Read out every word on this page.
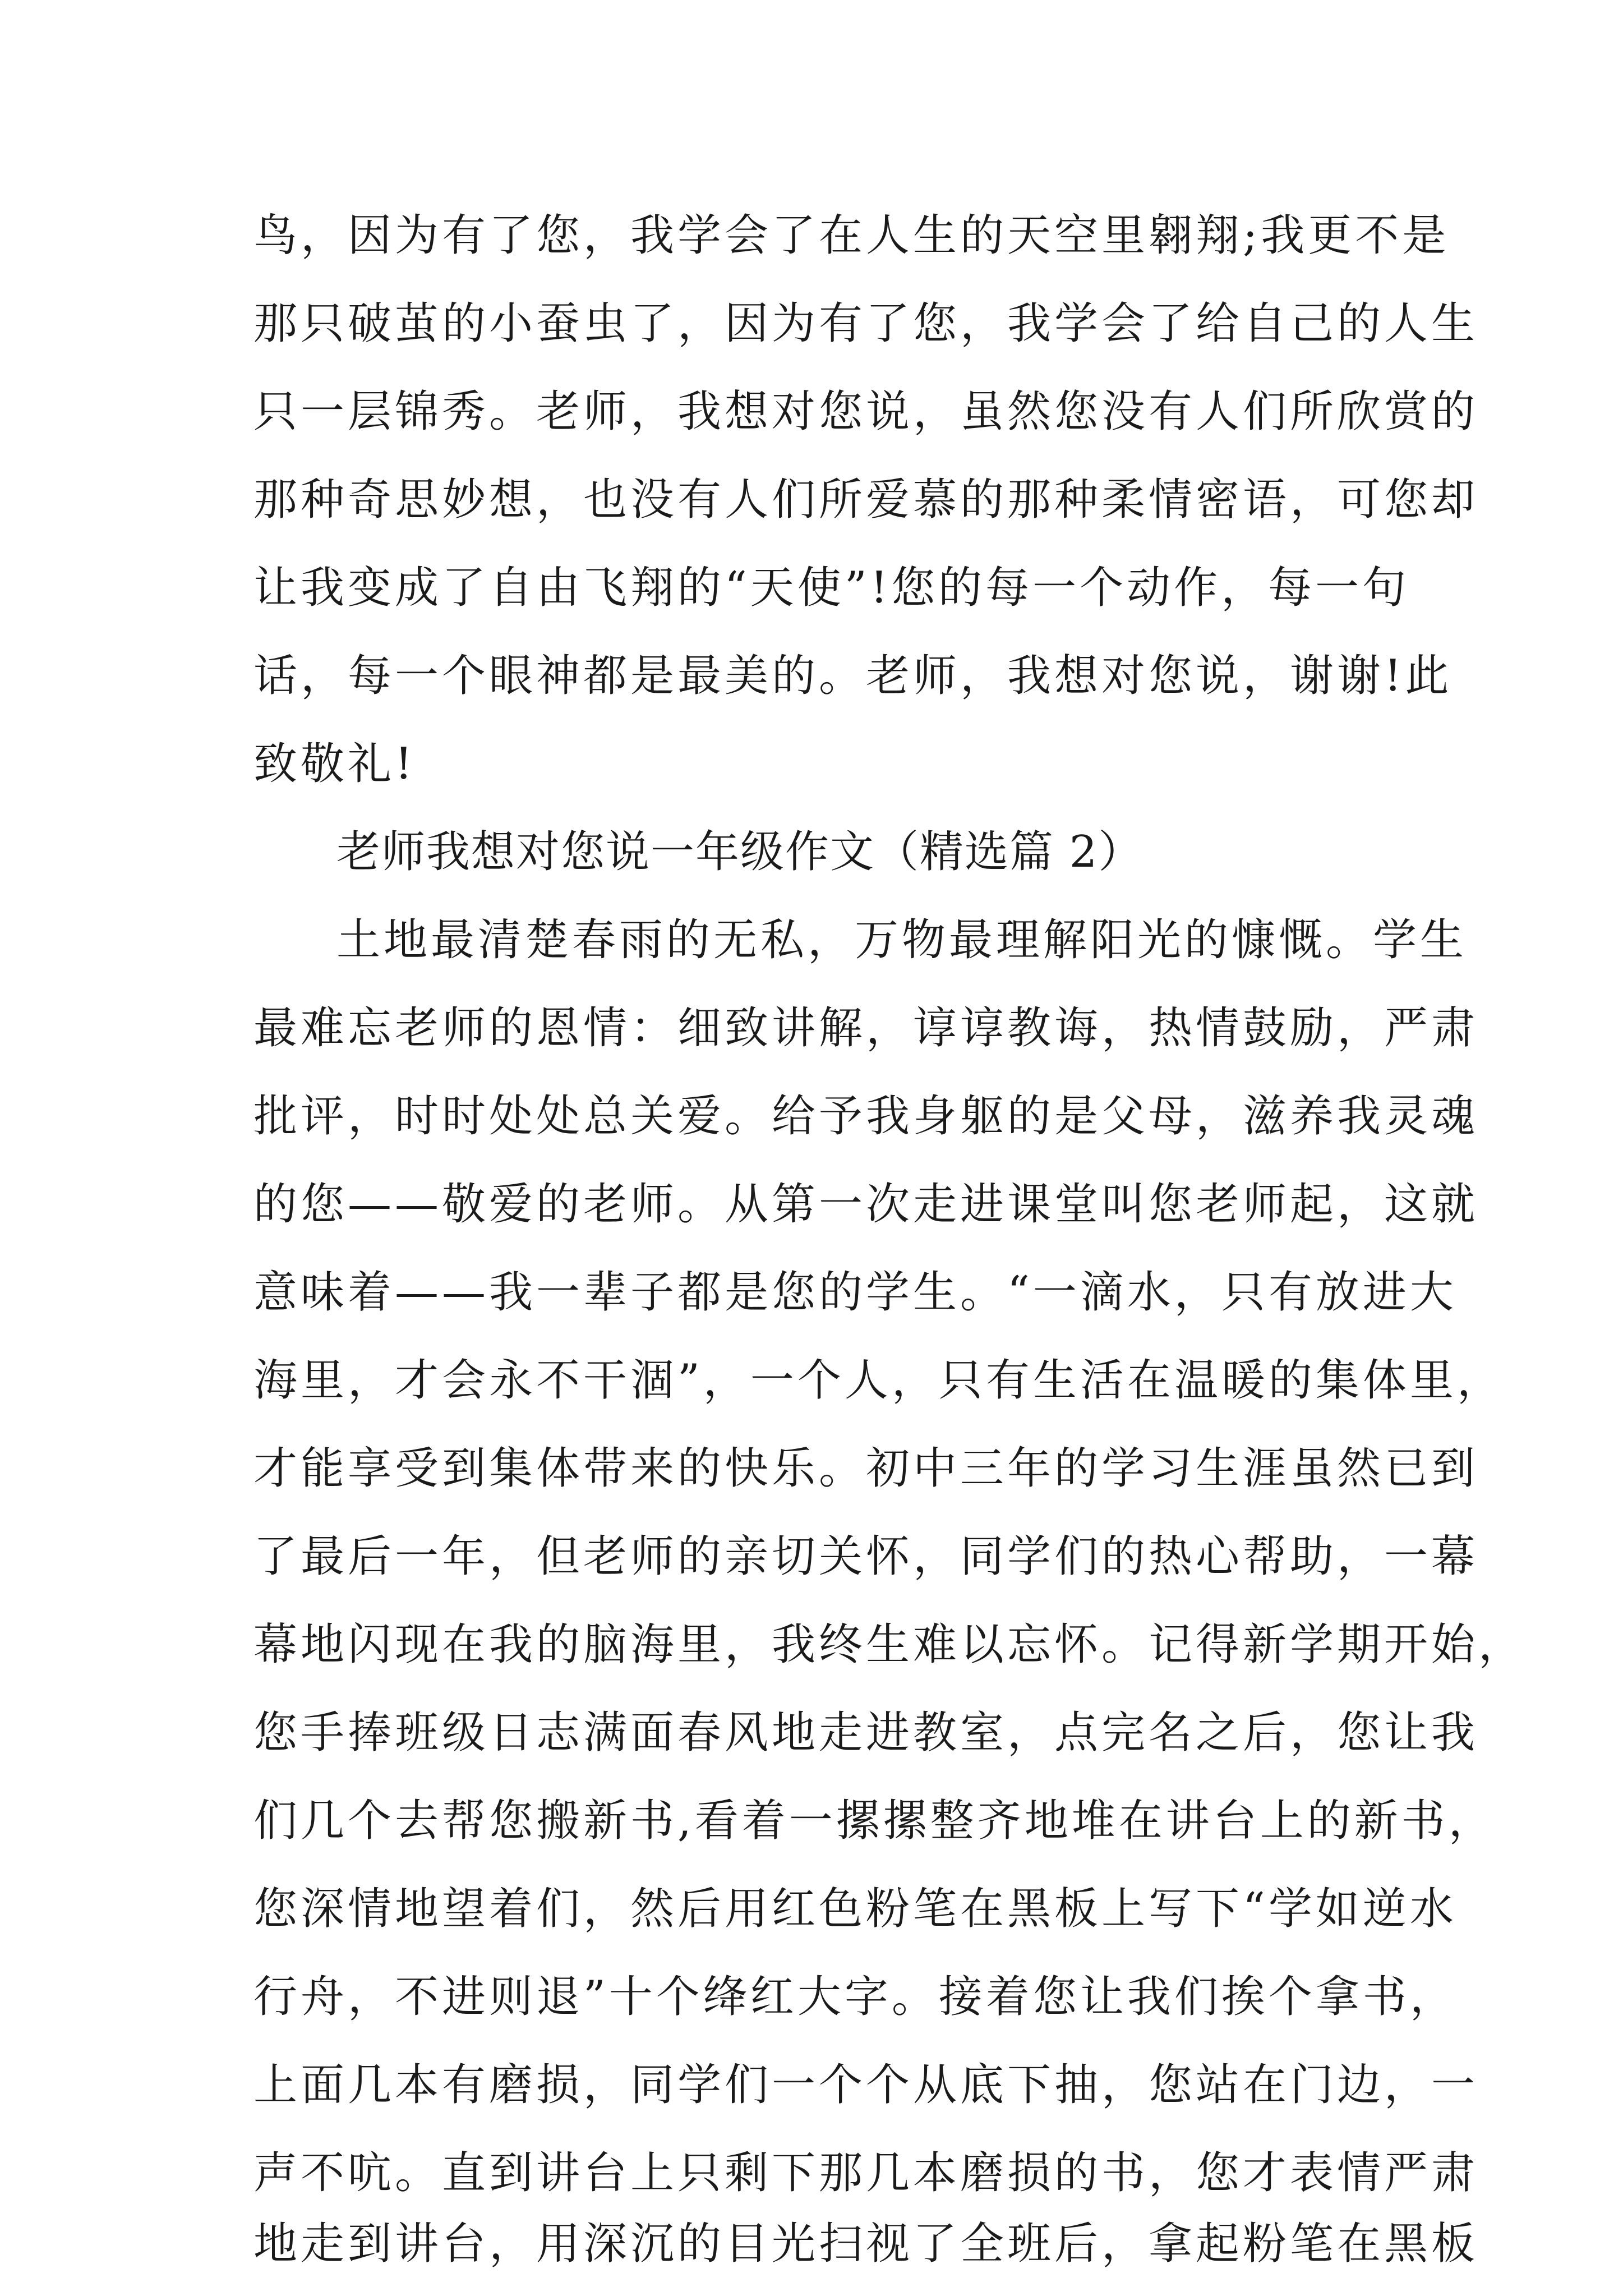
鸟，因为有了您，我学会了在人生的天空里翱翔;我更不是
那只破茧的小蚕虫了，因为有了您，我学会了给自己的人生
只一层锦秀。老师，我想对您说，虽然您没有人们所欣赏的
那种奇思妙想，也没有人们所爱慕的那种柔情密语，可您却
让我变成了自由飞翔的“天使”!您的每一个动作，每一句
话，每一个眼神都是最美的。老师，我想对您说，谢谢!此
致敬礼!
老师我想对您说一年级作文（精选篇 2）
土地最清楚春雨的无私，万物最理解阳光的慷慨。学生
最难忘老师的恩情：细致讲解，谆谆教诲，热情鼓励，严肃
批评，时时处处总关爱。给予我身躯的是父母，滋养我灵魂
的您——敬爱的老师。从第一次走进课堂叫您老师起，这就
意味着——我一辈子都是您的学生。“一滴水，只有放进大
海里，才会永不干涸”，一个人，只有生活在温暖的集体里，
才能享受到集体带来的快乐。初中三年的学习生涯虽然已到
了最后一年，但老师的亲切关怀，同学们的热心帮助，一幕
幕地闪现在我的脑海里，我终生难以忘怀。记得新学期开始，
您手捧班级日志满面春风地走进教室，点完名之后，您让我
们几个去帮您搬新书,看着一摞摞整齐地堆在讲台上的新书，
您深情地望着们，然后用红色粉笔在黑板上写下“学如逆水
行舟，不进则退”十个绛红大字。接着您让我们挨个拿书，
上面几本有磨损，同学们一个个从底下抽，您站在门边，一
声不吭。直到讲台上只剩下那几本磨损的书，您才表情严肃
地走到讲台，用深沉的目光扫视了全班后，拿起粉笔在黑板
